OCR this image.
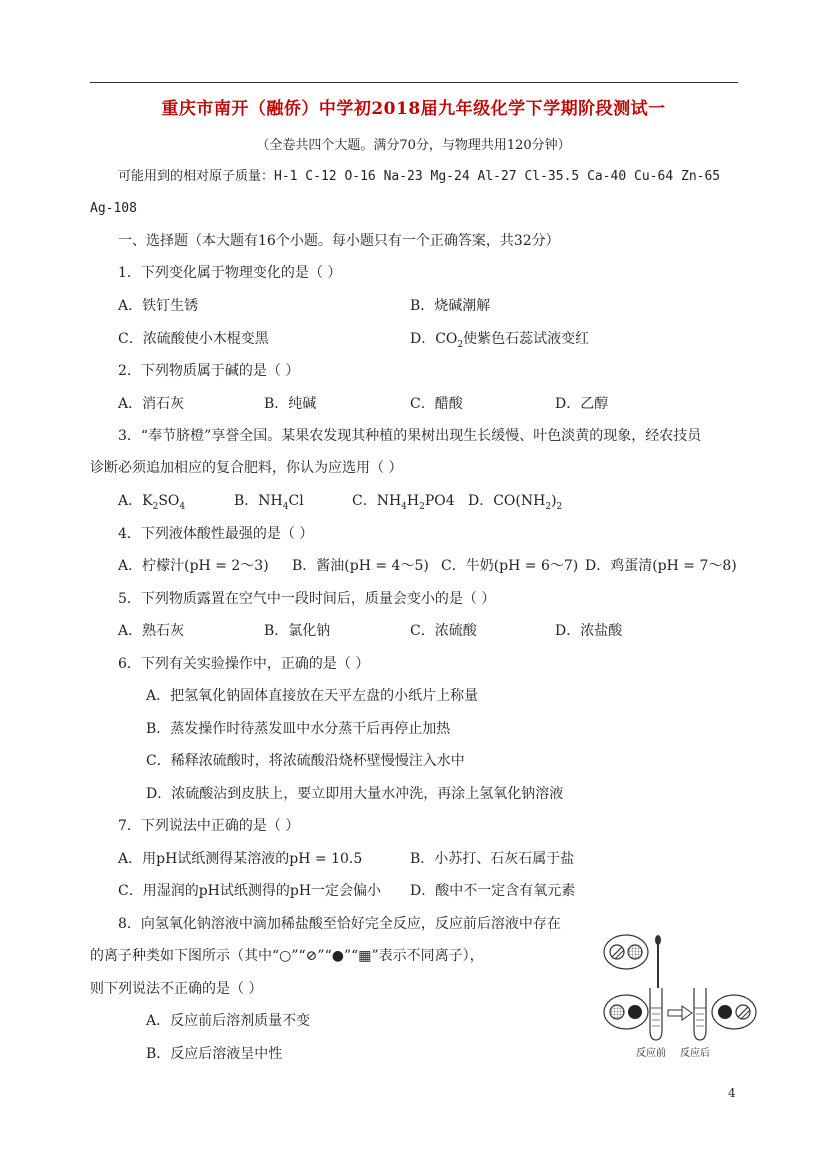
重庆市南开（融侨）中学初2018届九年级化学下学期阶段测试一
（全卷共四个大题。满分70分，与物理共用120分钟）
可能用到的相对原子质量：H-1 C-12 O-16 Na-23 Mg-24 Al-27 Cl-35.5 Ca-40 Cu-64 Zn-65
Ag-108
一、选择题（本大题有16个小题。每小题只有一个正确答案，共32分）
1．下列变化属于物理变化的是（ ）
A．铁钉生锈	B．烧碱潮解
C．浓硫酸使小木棍变黑	D．$CO_2$使紫色石蕊试液变红
2．下列物质属于碱的是（ ）
A．消石灰	B．纯碱	C．醋酸	D．乙醇
3．“奉节脐橙”享誉全国。某果农发现其种植的果树出现生长缓慢、叶色淡黄的现象，经农技员
诊断必须追加相应的复合肥料，你认为应选用（ ）
A．$K_2SO_4$	B．$NH_4Cl$	C．$NH_4H_2PO4$ D．$CO(NH_2)_2$
4．下列液体酸性最强的是（ ）
A．柠檬汁(pH = 2～3) B．酱油(pH = 4～5) C．牛奶(pH = 6～7) D．鸡蛋清(pH = 7～8)
5．下列物质露置在空气中一段时间后，质量会变小的是（ ）
A．熟石灰	B．氯化钠	C．浓硫酸	D．浓盐酸
6．下列有关实验操作中，正确的是（ ）
A．把氢氧化钠固体直接放在天平左盘的小纸片上称量
B．蒸发操作时待蒸发皿中水分蒸干后再停止加热
C．稀释浓硫酸时，将浓硫酸沿烧杯壁慢慢注入水中
D．浓硫酸沾到皮肤上，要立即用大量水冲洗，再涂上氢氧化钠溶液
7．下列说法中正确的是（ ）
A．用pH试纸测得某溶液的pH = 10.5	B．小苏打、石灰石属于盐
C．用湿润的pH试纸测得的pH一定会偏小 D．酸中不一定含有氧元素
8．向氢氧化钠溶液中滴加稀盐酸至恰好完全反应，反应前后溶液中存在
的离子种类如下图所示（其中“○”“⊘”“●”“▦”表示不同离子），
则下列说法不正确的是（ ）
A．反应前后溶剂质量不变
B．反应后溶液呈中性	反应前 反应后
4
